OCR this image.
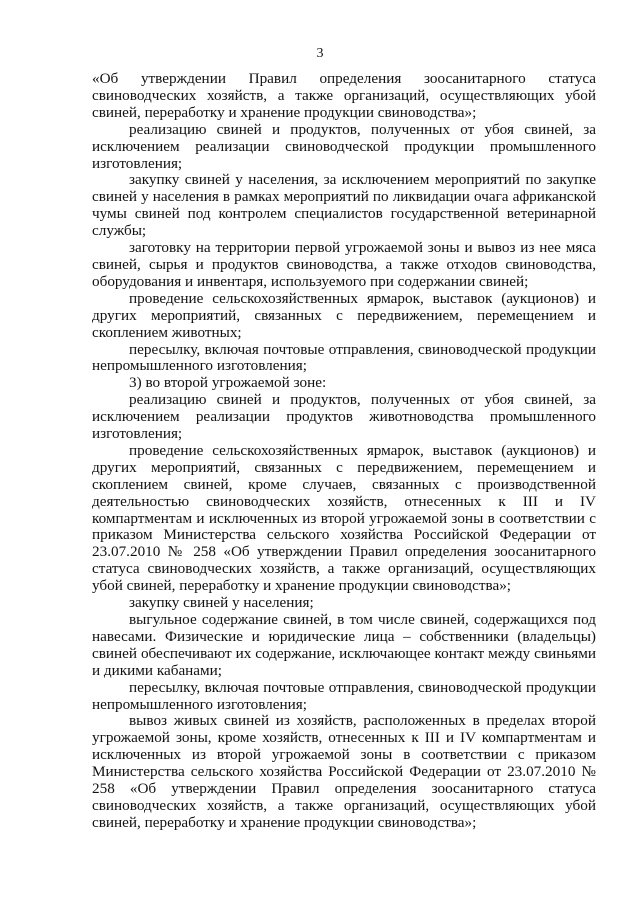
3

«Об утверждении Правил определения зоосанитарного статуса свиноводческих хозяйств, а также организаций, осуществляющих убой свиней, переработку и хранение продукции свиноводства»;

реализацию свиней и продуктов, полученных от убоя свиней, за исключением реализации свиноводческой продукции промышленного изготовления;

закупку свиней у населения, за исключением мероприятий по закупке свиней у населения в рамках мероприятий по ликвидации очага африканской чумы свиней под контролем специалистов государственной ветеринарной службы;

заготовку на территории первой угрожаемой зоны и вывоз из нее мяса свиней, сырья и продуктов свиноводства, а также отходов свиноводства, оборудования и инвентаря, используемого при содержании свиней;

проведение сельскохозяйственных ярмарок, выставок (аукционов) и других мероприятий, связанных с передвижением, перемещением и скоплением животных;

пересылку, включая почтовые отправления, свиноводческой продукции непромышленного изготовления;

3) во второй угрожаемой зоне:

реализацию свиней и продуктов, полученных от убоя свиней, за исключением реализации продуктов животноводства промышленного изготовления;

проведение сельскохозяйственных ярмарок, выставок (аукционов) и других мероприятий, связанных с передвижением, перемещением и скоплением свиней, кроме случаев, связанных с производственной деятельностью свиноводческих хозяйств, отнесенных к III и IV компартментам и исключенных из второй угрожаемой зоны в соответствии с приказом Министерства сельского хозяйства Российской Федерации от 23.07.2010 № 258 «Об утверждении Правил определения зоосанитарного статуса свиноводческих хозяйств, а также организаций, осуществляющих убой свиней, переработку и хранение продукции свиноводства»;

закупку свиней у населения;

выгульное содержание свиней, в том числе свиней, содержащихся под навесами. Физические и юридические лица – собственники (владельцы) свиней обеспечивают их содержание, исключающее контакт между свиньями и дикими кабанами;

пересылку, включая почтовые отправления, свиноводческой продукции непромышленного изготовления;

вывоз живых свиней из хозяйств, расположенных в пределах второй угрожаемой зоны, кроме хозяйств, отнесенных к III и IV компартментам и исключенных из второй угрожаемой зоны в соответствии с приказом Министерства сельского хозяйства Российской Федерации от 23.07.2010 № 258 «Об утверждении Правил определения зоосанитарного статуса свиноводческих хозяйств, а также организаций, осуществляющих убой свиней, переработку и хранение продукции свиноводства»;
